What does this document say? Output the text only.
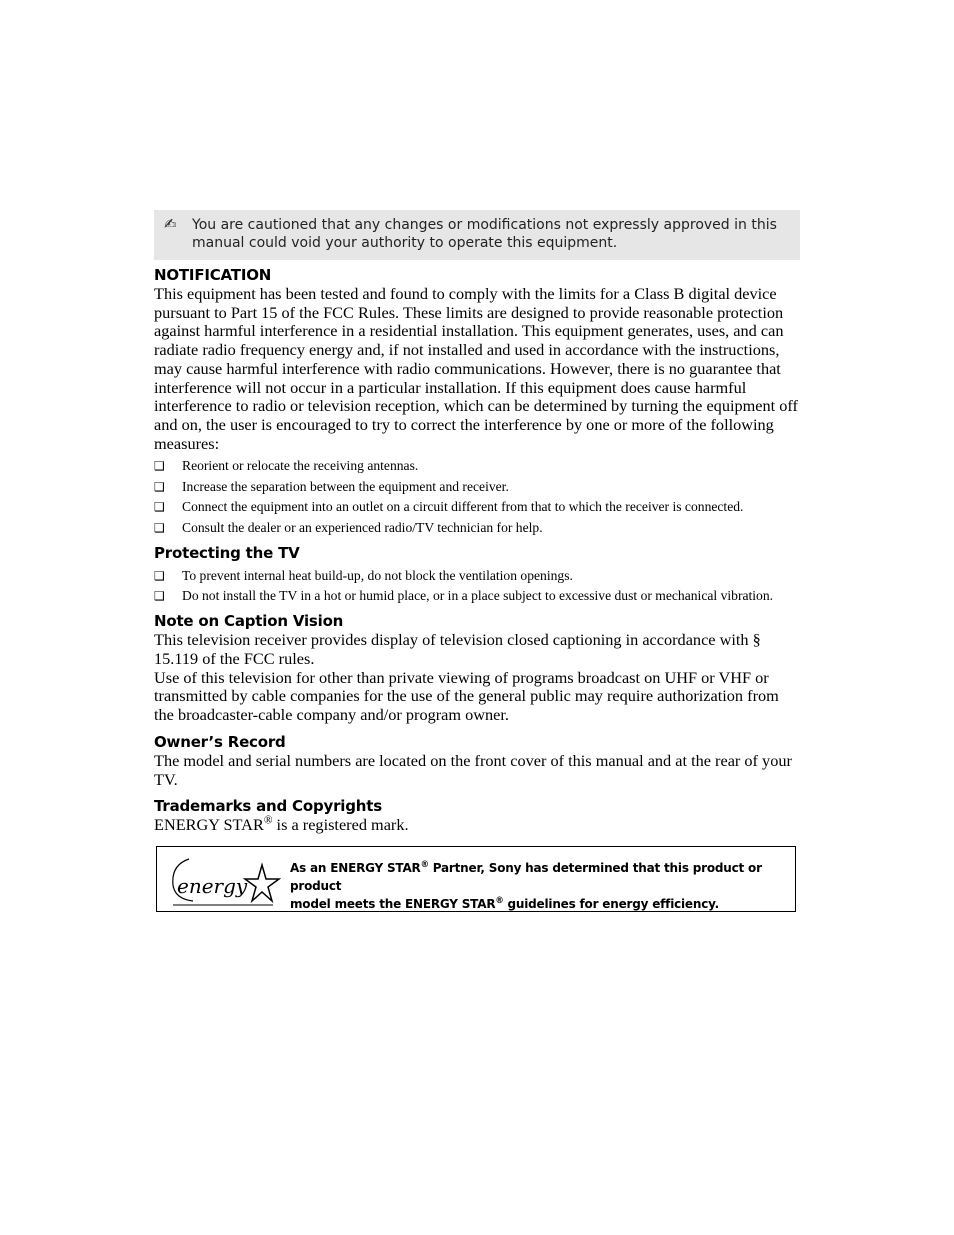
✍ You are cautioned that any changes or modifications not expressly approved in this manual could void your authority to operate this equipment.
NOTIFICATION

This equipment has been tested and found to comply with the limits for a Class B digital device pursuant to Part 15 of the FCC Rules. These limits are designed to provide reasonable protection against harmful interference in a residential installation. This equipment generates, uses, and can radiate radio frequency energy and, if not installed and used in accordance with the instructions, may cause harmful interference with radio communications. However, there is no guarantee that interference will not occur in a particular installation. If this equipment does cause harmful interference to radio or television reception, which can be determined by turning the equipment off and on, the user is encouraged to try to correct the interference by one or more of the following measures:

❑ Reorient or relocate the receiving antennas.
❑ Increase the separation between the equipment and receiver.
❑ Connect the equipment into an outlet on a circuit different from that to which the receiver is connected.
❑ Consult the dealer or an experienced radio/TV technician for help.
Protecting the TV
❑ To prevent internal heat build-up, do not block the ventilation openings.
❑ Do not install the TV in a hot or humid place, or in a place subject to excessive dust or mechanical vibration.
Note on Caption Vision

This television receiver provides display of television closed captioning in accordance with § 15.119 of the FCC rules.

Use of this television for other than private viewing of programs broadcast on UHF or VHF or transmitted by cable companies for the use of the general public may require authorization from the broadcaster-cable company and/or program owner.

Owner’s Record

The model and serial numbers are located on the front cover of this manual and at the rear of your TV.

Trademarks and Copyrights

ENERGY STAR® is a registered mark.

energy
As an ENERGY STAR® Partner, Sony has determined that this product or product
model meets the ENERGY STAR® guidelines for energy efficiency.
